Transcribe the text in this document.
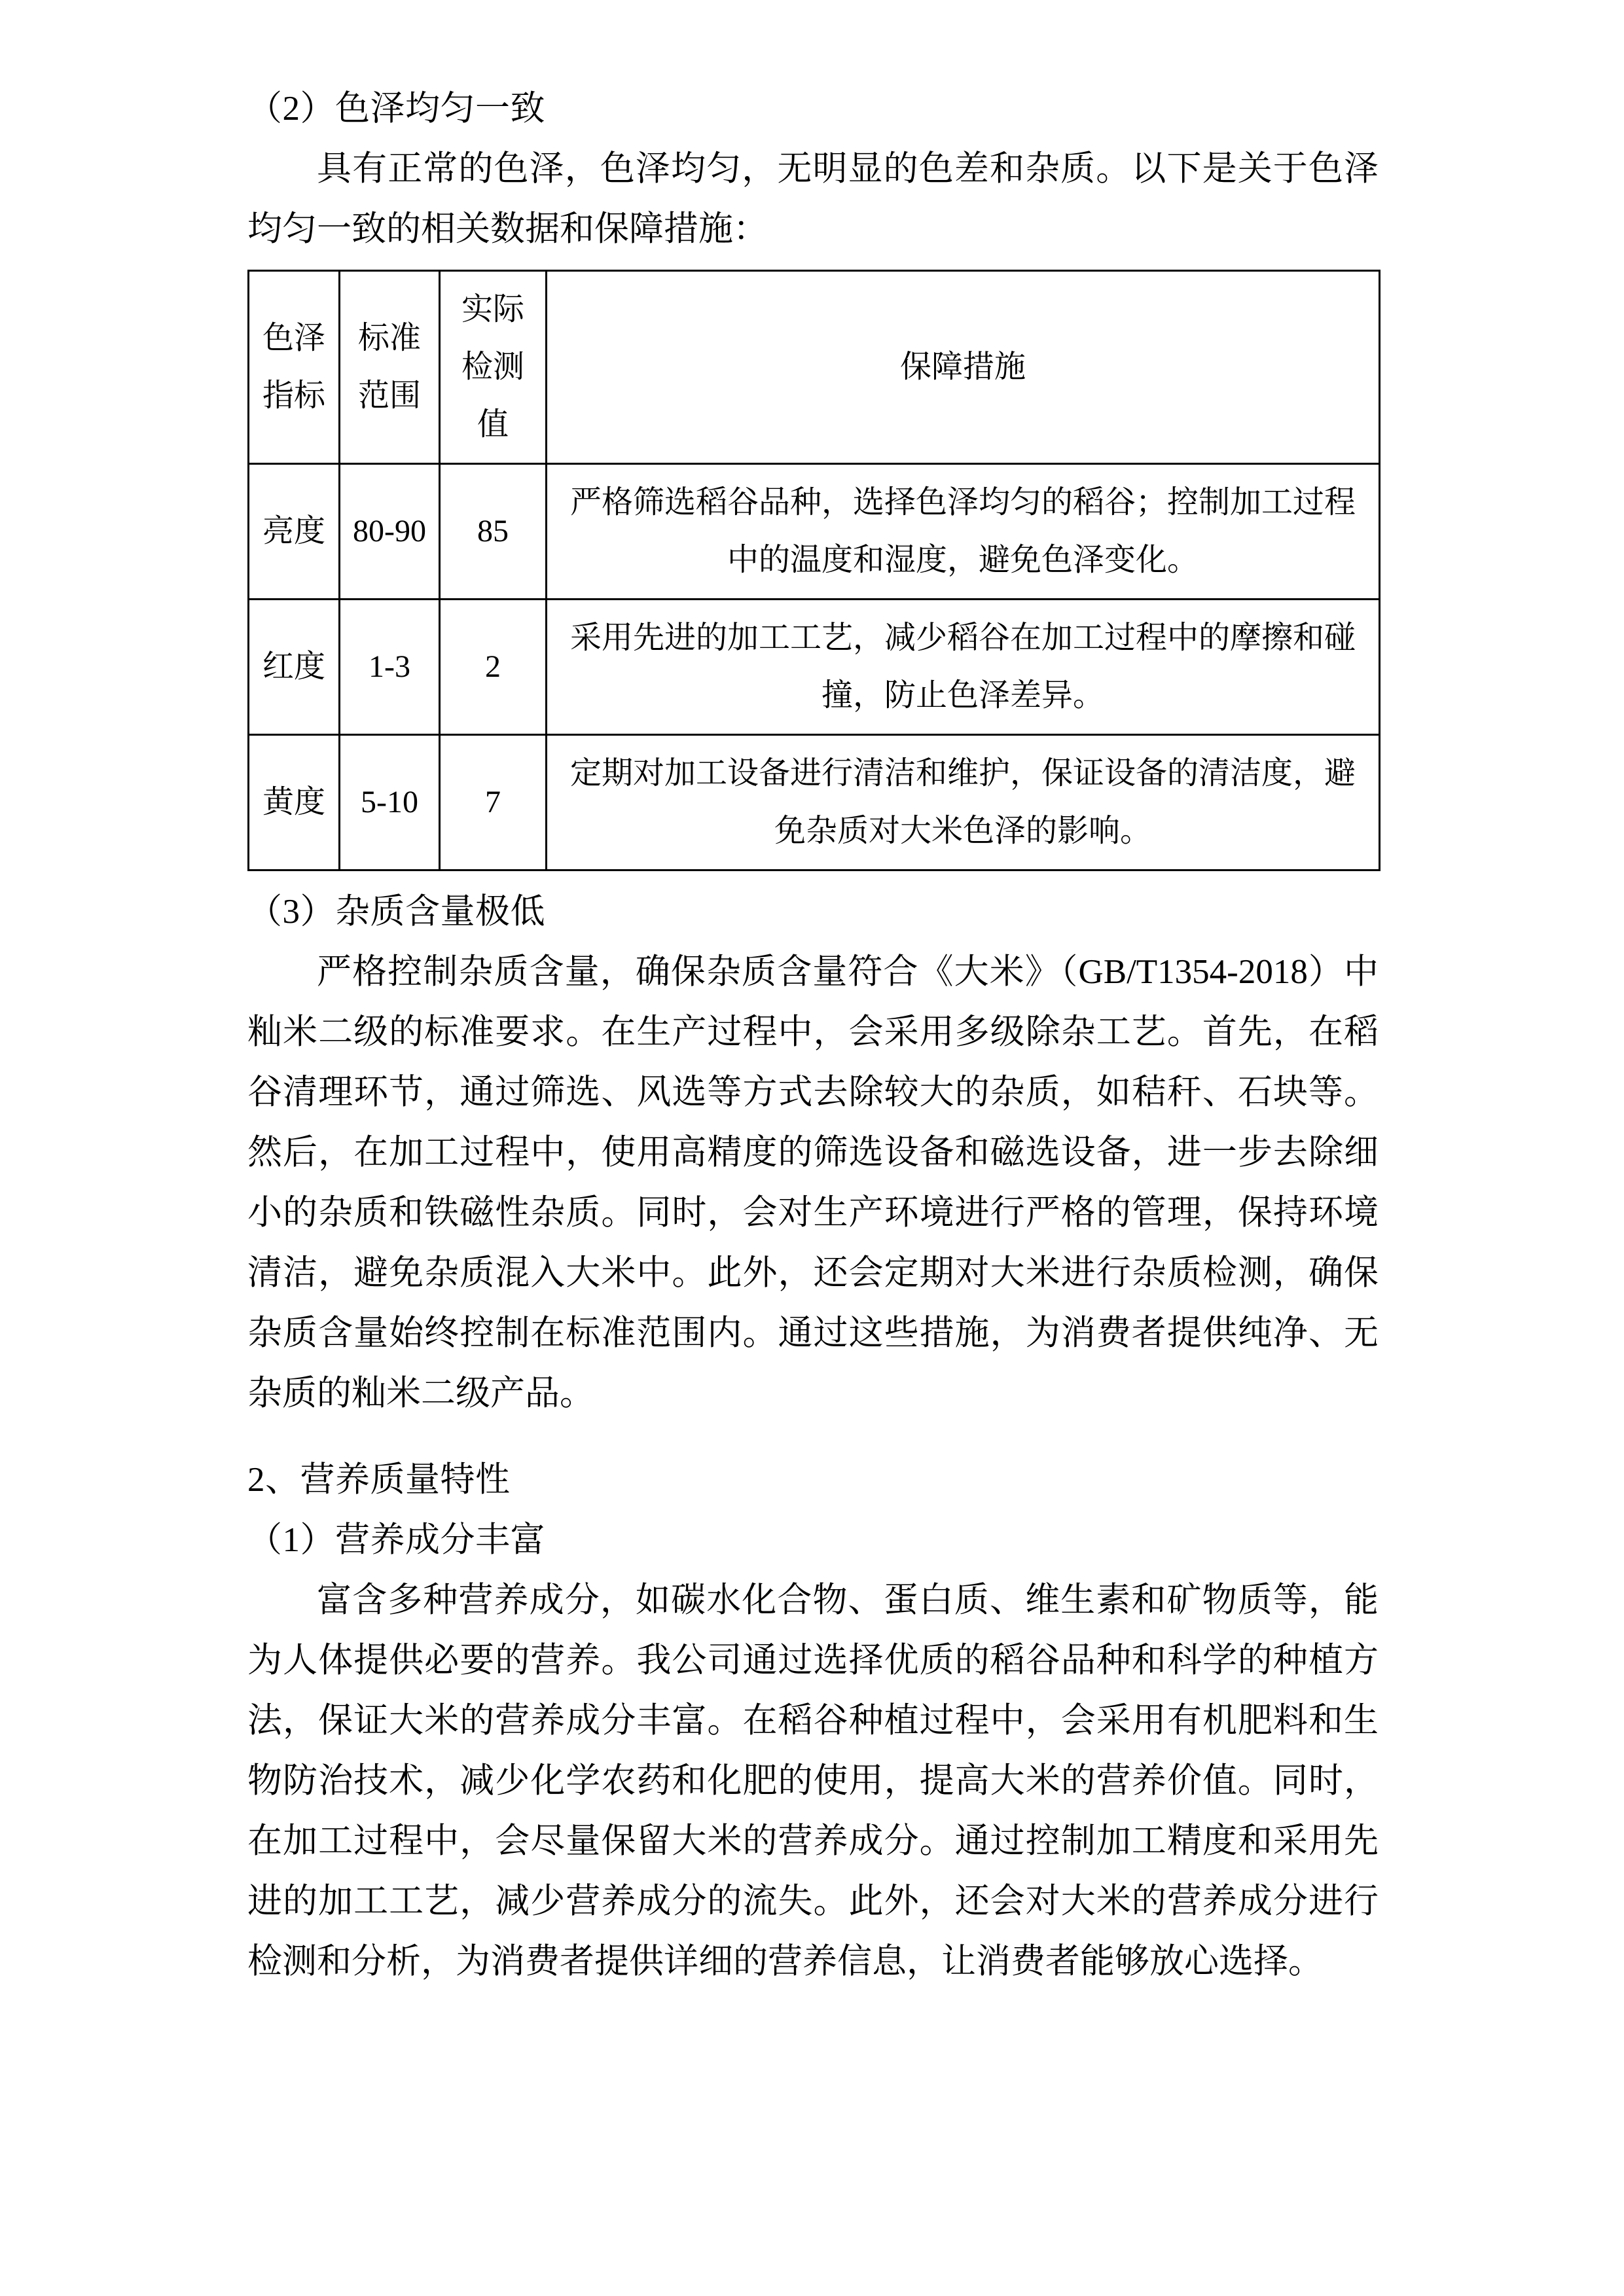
（2）色泽均匀一致

具有正常的色泽，色泽均匀，无明显的色差和杂质。以下是关于色泽均匀一致的相关数据和保障措施：

色泽指标	标准范围	实际检测值	保障措施

亮度	80-90	85	严格筛选稻谷品种，选择色泽均匀的稻谷；控制加工过程中的温度和湿度，避免色泽变化。

红度	1-3	2	采用先进的加工工艺，减少稻谷在加工过程中的摩擦和碰撞，防止色泽差异。

黄度	5-10	7	定期对加工设备进行清洁和维护，保证设备的清洁度，避免杂质对大米色泽的影响。
（3）杂质含量极低

严格控制杂质含量，确保杂质含量符合《大米》（GB/T1354-2018）中籼米二级的标准要求。在生产过程中，会采用多级除杂工艺。首先，在稻谷清理环节，通过筛选、风选等方式去除较大的杂质，如秸秆、石块等。然后，在加工过程中，使用高精度的筛选设备和磁选设备，进一步去除细小的杂质和铁磁性杂质。同时，会对生产环境进行严格的管理，保持环境清洁，避免杂质混入大米中。此外，还会定期对大米进行杂质检测，确保杂质含量始终控制在标准范围内。通过这些措施，为消费者提供纯净、无杂质的籼米二级产品。

2、营养质量特性
（1）营养成分丰富

富含多种营养成分，如碳水化合物、蛋白质、维生素和矿物质等，能为人体提供必要的营养。我公司通过选择优质的稻谷品种和科学的种植方法，保证大米的营养成分丰富。在稻谷种植过程中，会采用有机肥料和生物防治技术，减少化学农药和化肥的使用，提高大米的营养价值。同时，在加工过程中，会尽量保留大米的营养成分。通过控制加工精度和采用先进的加工工艺，减少营养成分的流失。此外，还会对大米的营养成分进行检测和分析，为消费者提供详细的营养信息，让消费者能够放心选择。
